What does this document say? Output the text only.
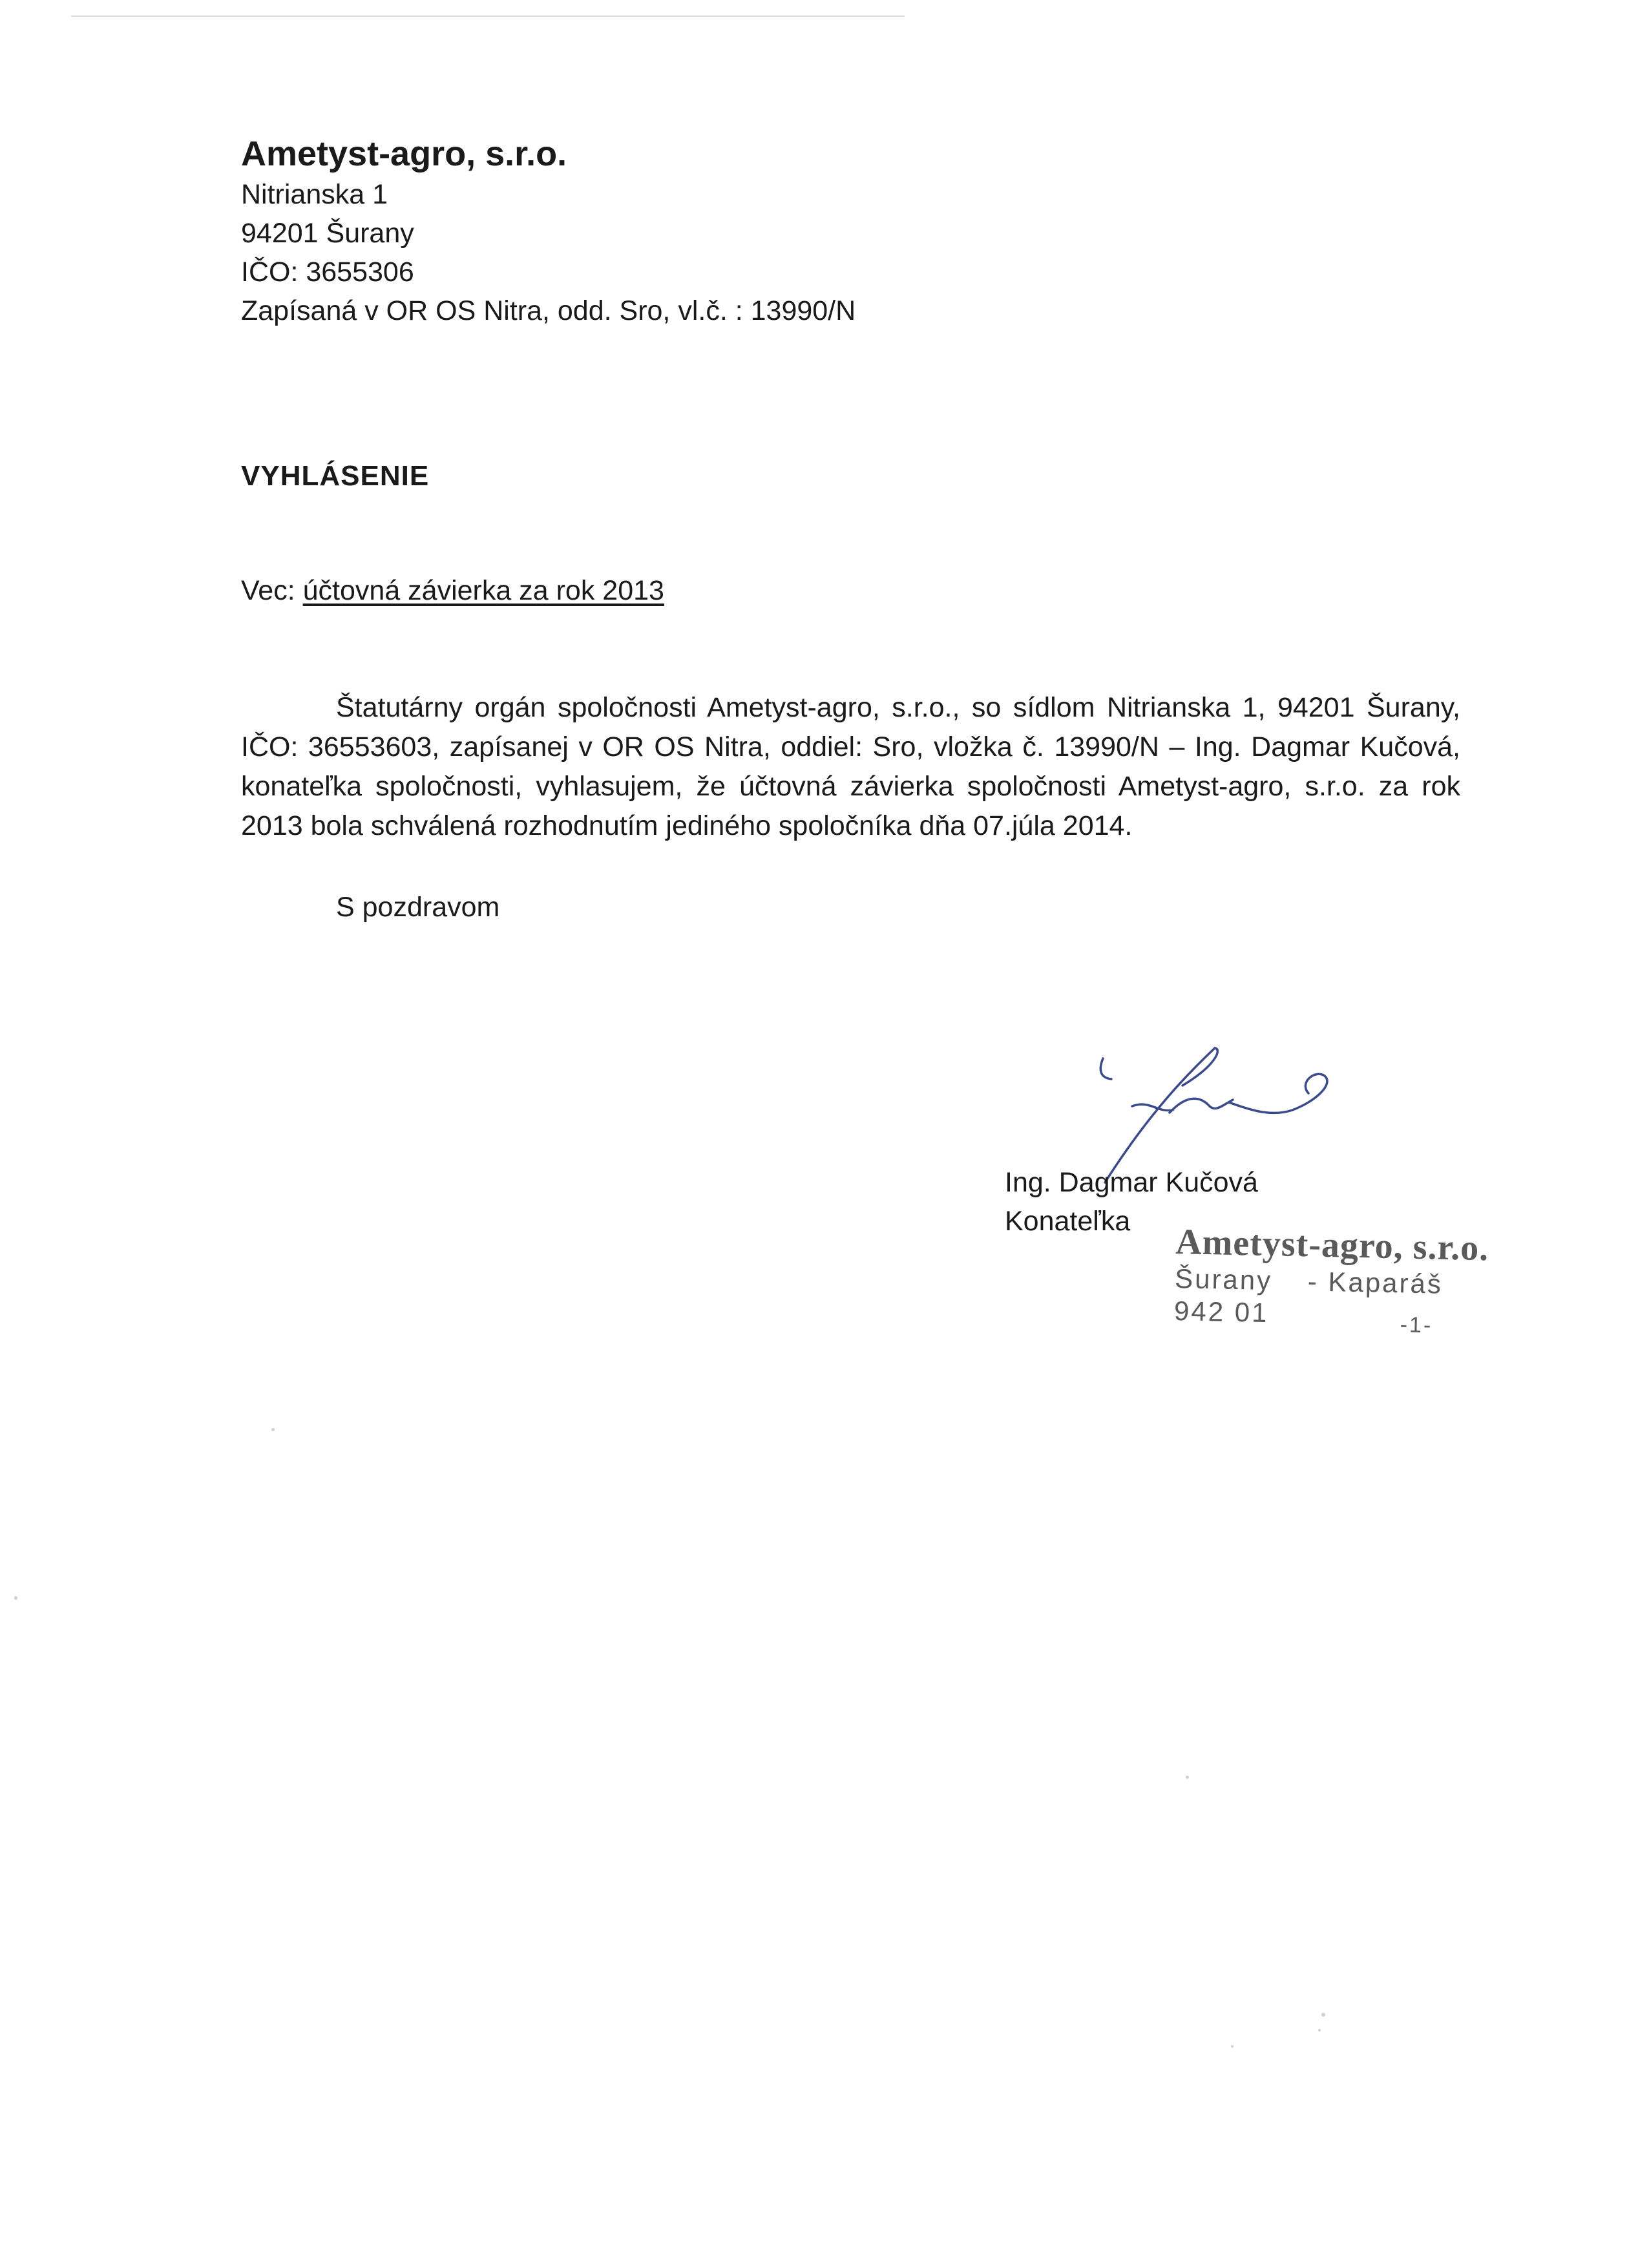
Ametyst-agro, s.r.o.

Nitrianska 1

94201 Šurany

IČO: 3655306

Zapísaná v OR OS Nitra, odd. Sro, vl.č. : 13990/N

VYHLÁSENIE

Vec: účtovná závierka za rok 2013

Štatutárny orgán spoločnosti Ametyst-agro, s.r.o., so sídlom Nitrianska 1, 94201 Šurany, IČO: 36553603, zapísanej v OR OS Nitra, oddiel: Sro, vložka č. 13990/N – Ing. Dagmar Kučová, konateľka spoločnosti, vyhlasujem, že účtovná závierka spoločnosti Ametyst-agro, s.r.o. za rok 2013 bola schválená rozhodnutím jediného spoločníka dňa 07.júla 2014.

S pozdravom

Ing. Dagmar Kučová

Konateľka

Ametyst-agro, s.r.o.

Šurany - Kaparáš

942 01	-1-
